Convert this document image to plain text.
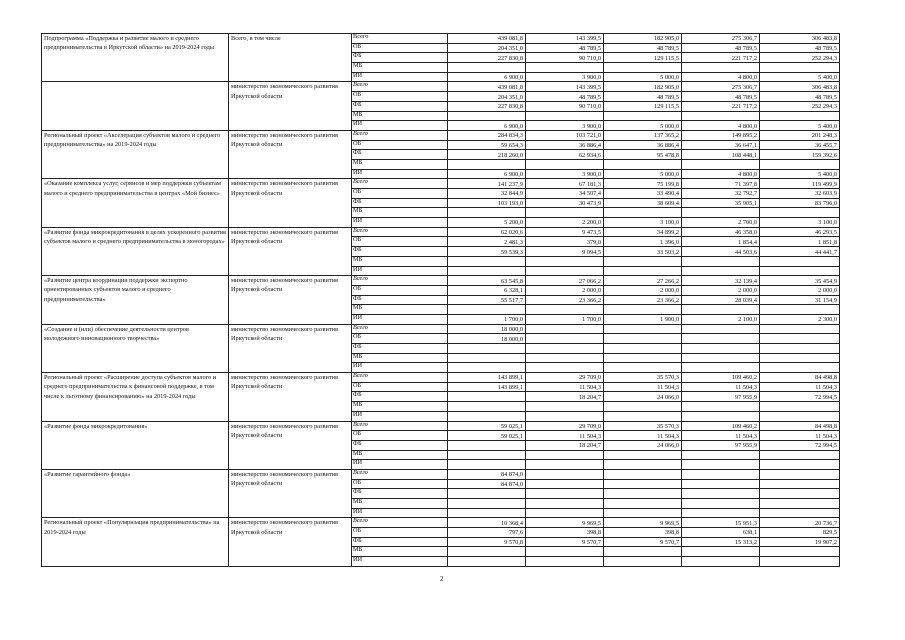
Подпрограмма «Поддержка и развитие малого и среднего предпринимательства в Иркутской области» на 2019-2024 годы	Всего, в том числе	Всего	439 081,8	143 399,5	182 905,0	275 306,7	306 483,8	
		ОБ	204 351,0	48 789,5	48 789,5	48 789,5	48 789,5	
		ФБ	227 830,8	90 710,0	129 115,5	221 717,2	252 294,3	
		МБ						
		ИИ	6 900,0	3 900,0	5 000,0	4 800,0	5 400,0	
	министерство экономического развития Иркутской области	Всего	439 081,8	143 399,5	182 905,0	275 306,7	306 483,8	
		ОБ	204 351,0	48 789,5	48 789,5	48 789,5	48 789,5	
		ФБ	227 830,8	90 710,0	129 115,5	221 717,2	252 294,3	
		МБ						
		ИИ	6 900,0	3 900,0	5 000,0	4 800,0	5 400,0	
Региональный проект «Акселерация субъектов малого и среднего предпринимательства» на 2019-2024 годы	министерство экономического развития Иркутской области	Всего	284 834,3	103 721,0	137 365,2	149 895,2	201 248,3	
		ОБ	59 654,3	36 886,4	36 886,4	36 647,1	36 455,7	
		ФБ	218 260,0	62 934,6	95 478,8	108 448,1	159 392,6	
		МБ						
		ИИ	6 900,0	3 900,0	5 000,0	4 800,0	5 400,0	
«Оказание комплекса услуг, сервисов и мер поддержки субъектам малого и среднего предпринимательства в центрах «Мой бизнес»	министерство экономического развития Иркутской области	Всего	141 237,9	67 181,3	75 199,8	71 397,8	119 499,9	
		ОБ	32 844,9	34 507,4	33 490,4	32 792,7	32 603,9	
		ФБ	103 193,0	30 473,9	38 609,4	35 905,1	83 796,0	
		МБ						
		ИИ	5 200,0	2 200,0	3 100,0	2 700,0	3 100,0	
«Развитие фонда микрокредитования в целях ускоренного развития субъектов малого и среднего предпринимательства в моногородах»	министерство экономического развития Иркутской области	Всего	62 020,6	9 473,5	34 899,2	46 358,0	46 293,5	
		ОБ	2 481,3	379,0	1 396,0	1 854,4	1 851,8	
		ФБ	59 539,3	9 094,5	33 503,2	44 503,6	44 441,7	
		МБ						
		ИИ						
«Развитие центра координации поддержки экспортно ориентированных субъектов малого и среднего предпринимательства»	министерство экономического развития Иркутской области	Всего	63 545,8	27 066,2	27 266,2	32 139,4	35 454,9	
		ОБ	6 328,1	2 000,0	2 000,0	2 000,0	2 000,0	
		ФБ	55 517,7	23 366,2	23 366,2	28 039,4	31 154,9	
		МБ						
		ИИ	1 700,0	1 700,0	1 900,0	2 100,0	2 300,0	
«Создание и (или) обеспечение деятельности центров молодежного инновационного творчества»	министерство экономического развития Иркутской области	Всего	18 000,0					
		ОБ	18 000,0					
		ФБ						
		МБ						
		ИИ						
Региональный проект «Расширение доступа субъектов малого и среднего предпринимательства к финансовой поддержке, в том числе к льготному финансированию» на 2019-2024 годы	министерство экономического развития Иркутской области	Всего	143 899,1	29 709,0	35 570,3	109 460,2	84 498,8	
		ОБ	143 899,1	11 504,3	11 504,3	11 504,3	11 504,3	
		ФБ		18 204,7	24 066,0	97 955,9	72 994,5	
		МБ						
		ИИ						
«Развитие фонда микрокредитования»	министерство экономического развития Иркутской области	Всего	59 025,1	29 709,0	35 570,3	109 460,2	84 498,8	
		ОБ	59 025,1	11 504,3	11 504,3	11 504,3	11 504,3	
		ФБ		18 204,7	24 066,0	97 955,9	72 994,5	
		МБ						
		ИИ						
«Развитие гарантийного фонда»	министерство экономического развития Иркутской области	Всего	84 874,0					
		ОБ	84 874,0					
		ФБ						
		МБ						
		ИИ						
Региональный проект «Популяризация предпринимательства» на 2019-2024 годы	министерство экономического развития Иркутской области	Всего	10 368,4	9 969,5	9 969,5	15 951,3	20 736,7	
		ОБ	797,6	398,8	398,8	638,1	829,5	
		ФБ	9 570,8	9 570,7	9 570,7	15 313,2	19 907,2	
		МБ						
		ИИ						
2
